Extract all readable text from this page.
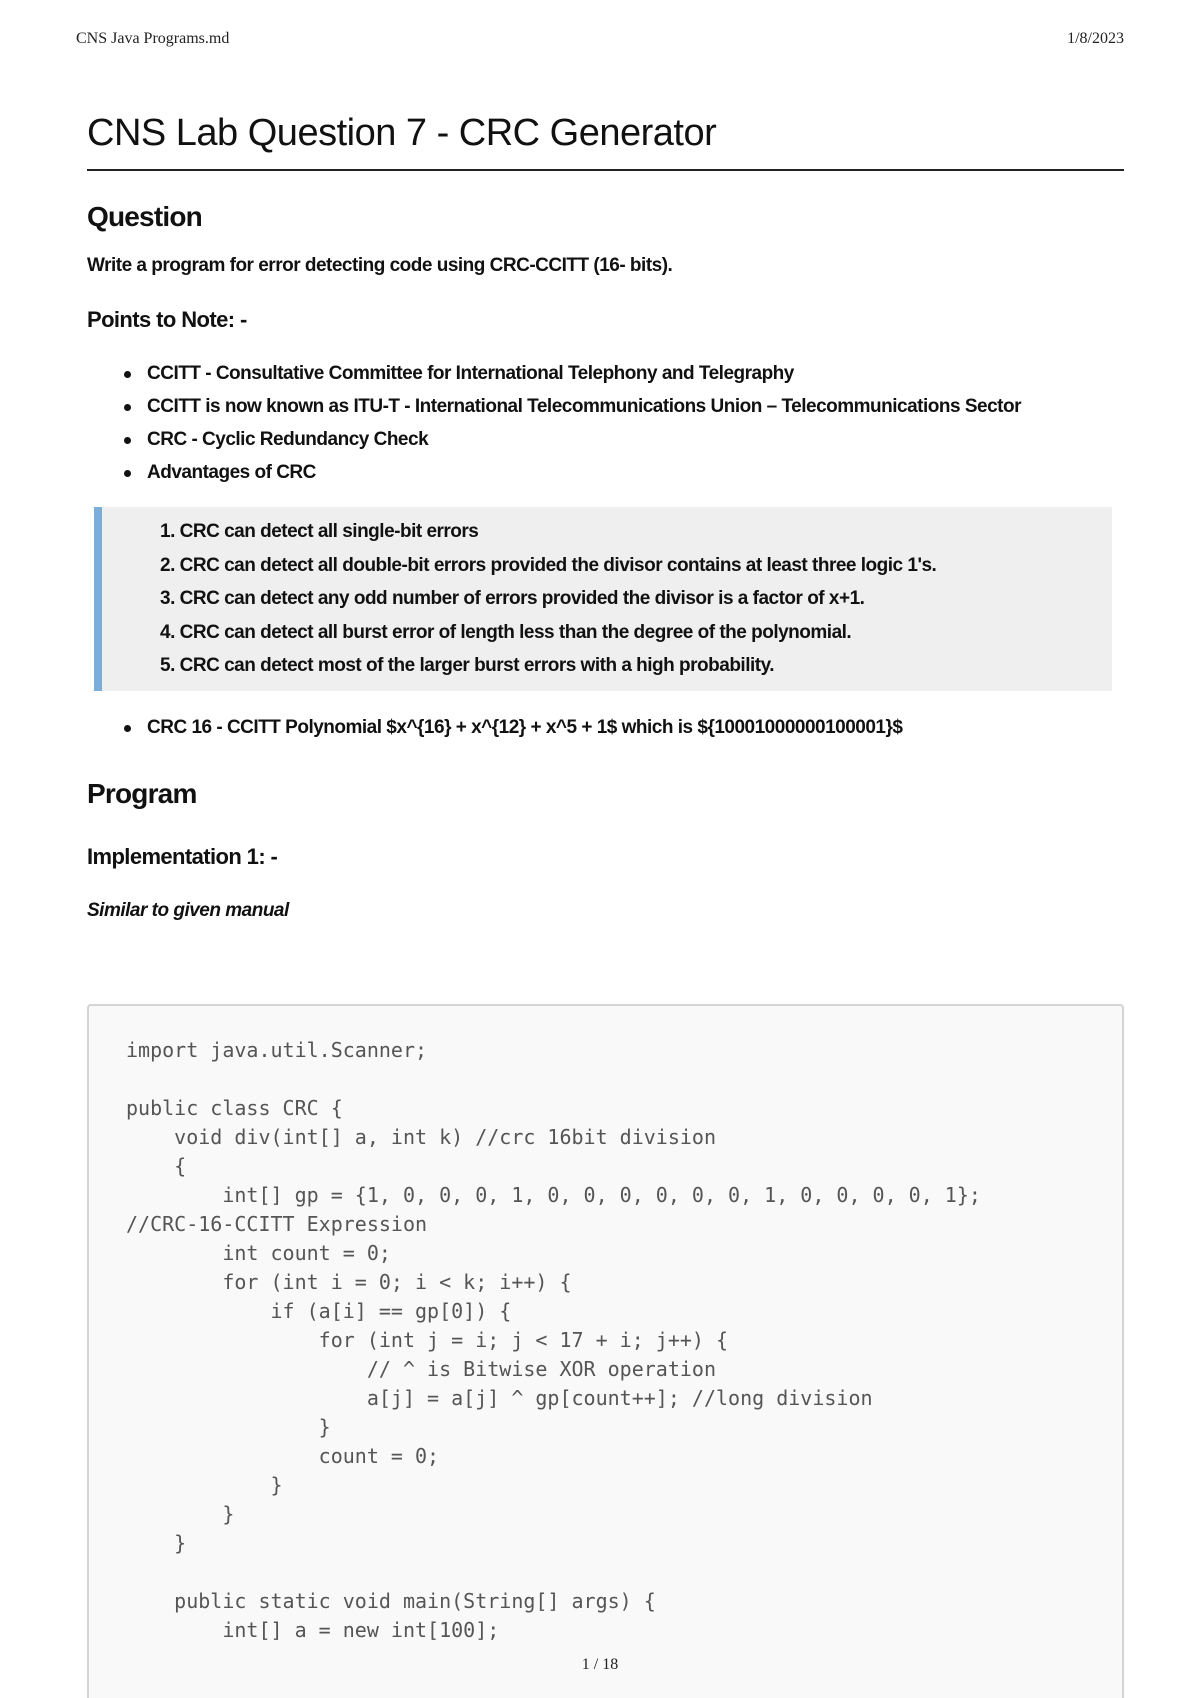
CNS Java Programs.md	1/8/2023
CNS Lab Question 7 - CRC Generator
Question

Write a program for error detecting code using CRC-CCITT (16- bits).

Points to Note: -
CCITT - Consultative Committee for International Telephony and Telegraphy
CCITT is now known as ITU-T - International Telecommunications Union – Telecommunications Sector
CRC - Cyclic Redundancy Check
Advantages of CRC
1. CRC can detect all single-bit errors
2. CRC can detect all double-bit errors provided the divisor contains at least three logic 1's.
3. CRC can detect any odd number of errors provided the divisor is a factor of x+1.
4. CRC can detect all burst error of length less than the degree of the polynomial.
5. CRC can detect most of the larger burst errors with a high probability.
CRC 16 - CCITT Polynomial $x^{16} + x^{12} + x^5 + 1$ which is ${10001000000100001}$
Program
Implementation 1: -

Similar to given manual

import java.util.Scanner;
public class CRC {
void div(int[] a, int k) //crc 16bit division
{
int[] gp = {1, 0, 0, 0, 1, 0, 0, 0, 0, 0, 0, 1, 0, 0, 0, 0, 1};
//CRC-16-CCITT Expression
int count = 0;
for (int i = 0; i < k; i++) {
if (a[i] == gp[0]) {
for (int j = i; j < 17 + i; j++) {
// ^ is Bitwise XOR operation
a[j] = a[j] ^ gp[count++]; //long division
}
count = 0;
}
}
}
public static void main(String[] args) {
int[] a = new int[100];
1 / 18
